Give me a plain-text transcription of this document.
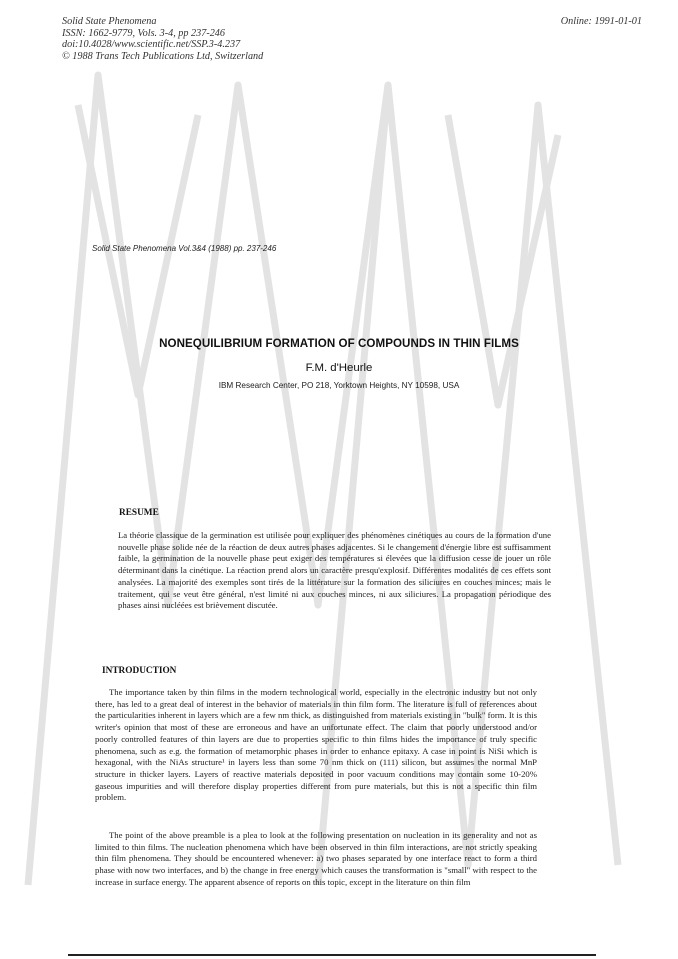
Solid State Phenomena
ISSN: 1662-9779, Vols. 3-4, pp 237-246
doi:10.4028/www.scientific.net/SSP.3-4.237
© 1988 Trans Tech Publications Ltd, Switzerland
Online: 1991-01-01
Solid State Phenomena Vol.3&4 (1988) pp. 237-246
NONEQUILIBRIUM FORMATION OF COMPOUNDS IN THIN FILMS
F.M. d'Heurle
IBM Research Center, PO 218, Yorktown Heights, NY 10598, USA
RESUME
La théorie classique de la germination est utilisée pour expliquer des phénomènes cinétiques au cours de la formation d'une nouvelle phase solide née de la réaction de deux autres phases adjacentes. Si le changement d'énergie libre est suffisamment faible, la germination de la nouvelle phase peut exiger des températures si élevées que la diffusion cesse de jouer un rôle déterminant dans la cinétique. La réaction prend alors un caractère presqu'explosif. Différentes modalités de ces effets sont analysées. La majorité des exemples sont tirés de la littérature sur la formation des siliciures en couches minces; mais le traitement, qui se veut être général, n'est limité ni aux couches minces, ni aux siliciures. La propagation périodique des phases ainsi nucléées est brièvement discutée.
INTRODUCTION

The importance taken by thin films in the modern technological world, especially in the electronic industry but not only there, has led to a great deal of interest in the behavior of materials in thin film form. The literature is full of references about the particularities inherent in layers which are a few nm thick, as distinguished from materials existing in "bulk" form. It is this writer's opinion that most of these are erroneous and have an unfortunate effect. The claim that poorly understood and/or poorly controlled features of thin layers are due to properties specific to thin films hides the importance of truly specific phenomena, such as e.g. the formation of metamorphic phases in order to enhance epitaxy. A case in point is NiSi which is hexagonal, with the NiAs structure¹ in layers less than some 70 nm thick on (111) silicon, but assumes the normal MnP structure in thicker layers. Layers of reactive materials deposited in poor vacuum conditions may contain some 10-20% gaseous impurities and will therefore display properties different from pure materials, but this is not a specific thin film problem.

The point of the above preamble is a plea to look at the following presentation on nucleation in its generality and not as limited to thin films. The nucleation phenomena which have been observed in thin film interactions, are not strictly speaking thin film phenomena. They should be encountered whenever: a) two phases separated by one interface react to form a third phase with now two interfaces, and b) the change in free energy which causes the transformation is "small" with respect to the increase in surface energy. The apparent absence of reports on this topic, except in the literature on thin film
